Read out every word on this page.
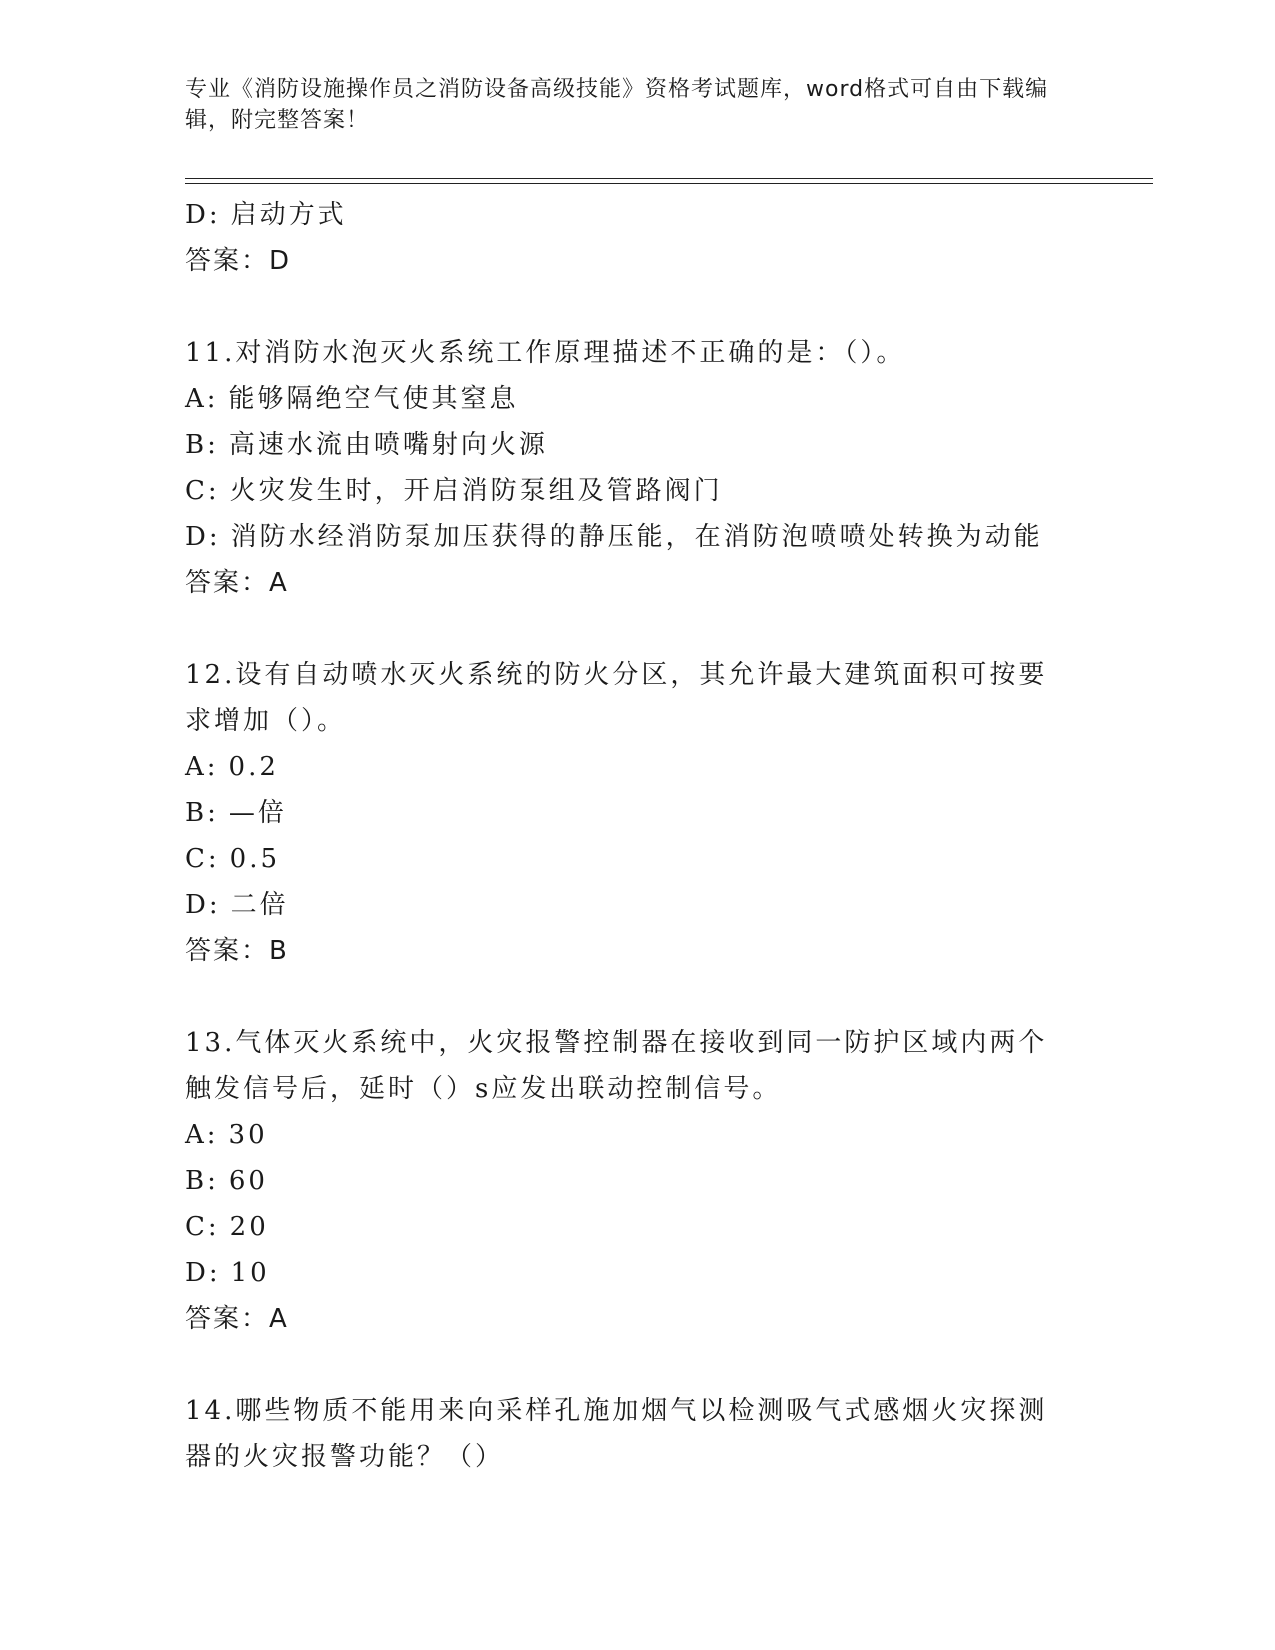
专业《消防设施操作员之消防设备高级技能》资格考试题库，word格式可自由下载编辑，附完整答案！
D: 启动方式
答案：D
11.对消防水泡灭火系统工作原理描述不正确的是：（）。
A: 能够隔绝空气使其窒息
B: 高速水流由喷嘴射向火源
C: 火灾发生时，开启消防泵组及管路阀门
D: 消防水经消防泵加压获得的静压能，在消防泡喷喷处转换为动能
答案：A
12.设有自动喷水灭火系统的防火分区，其允许最大建筑面积可按要求增加（）。
A: 0.2
B: —倍
C: 0.5
D: 二倍
答案：B
13.气体灭火系统中，火灾报警控制器在接收到同一防护区域内两个触发信号后，延时（）s应发出联动控制信号。
A: 30
B: 60
C: 20
D: 10
答案：A
14.哪些物质不能用来向采样孔施加烟气以检测吸气式感烟火灾探测器的火灾报警功能？（）
